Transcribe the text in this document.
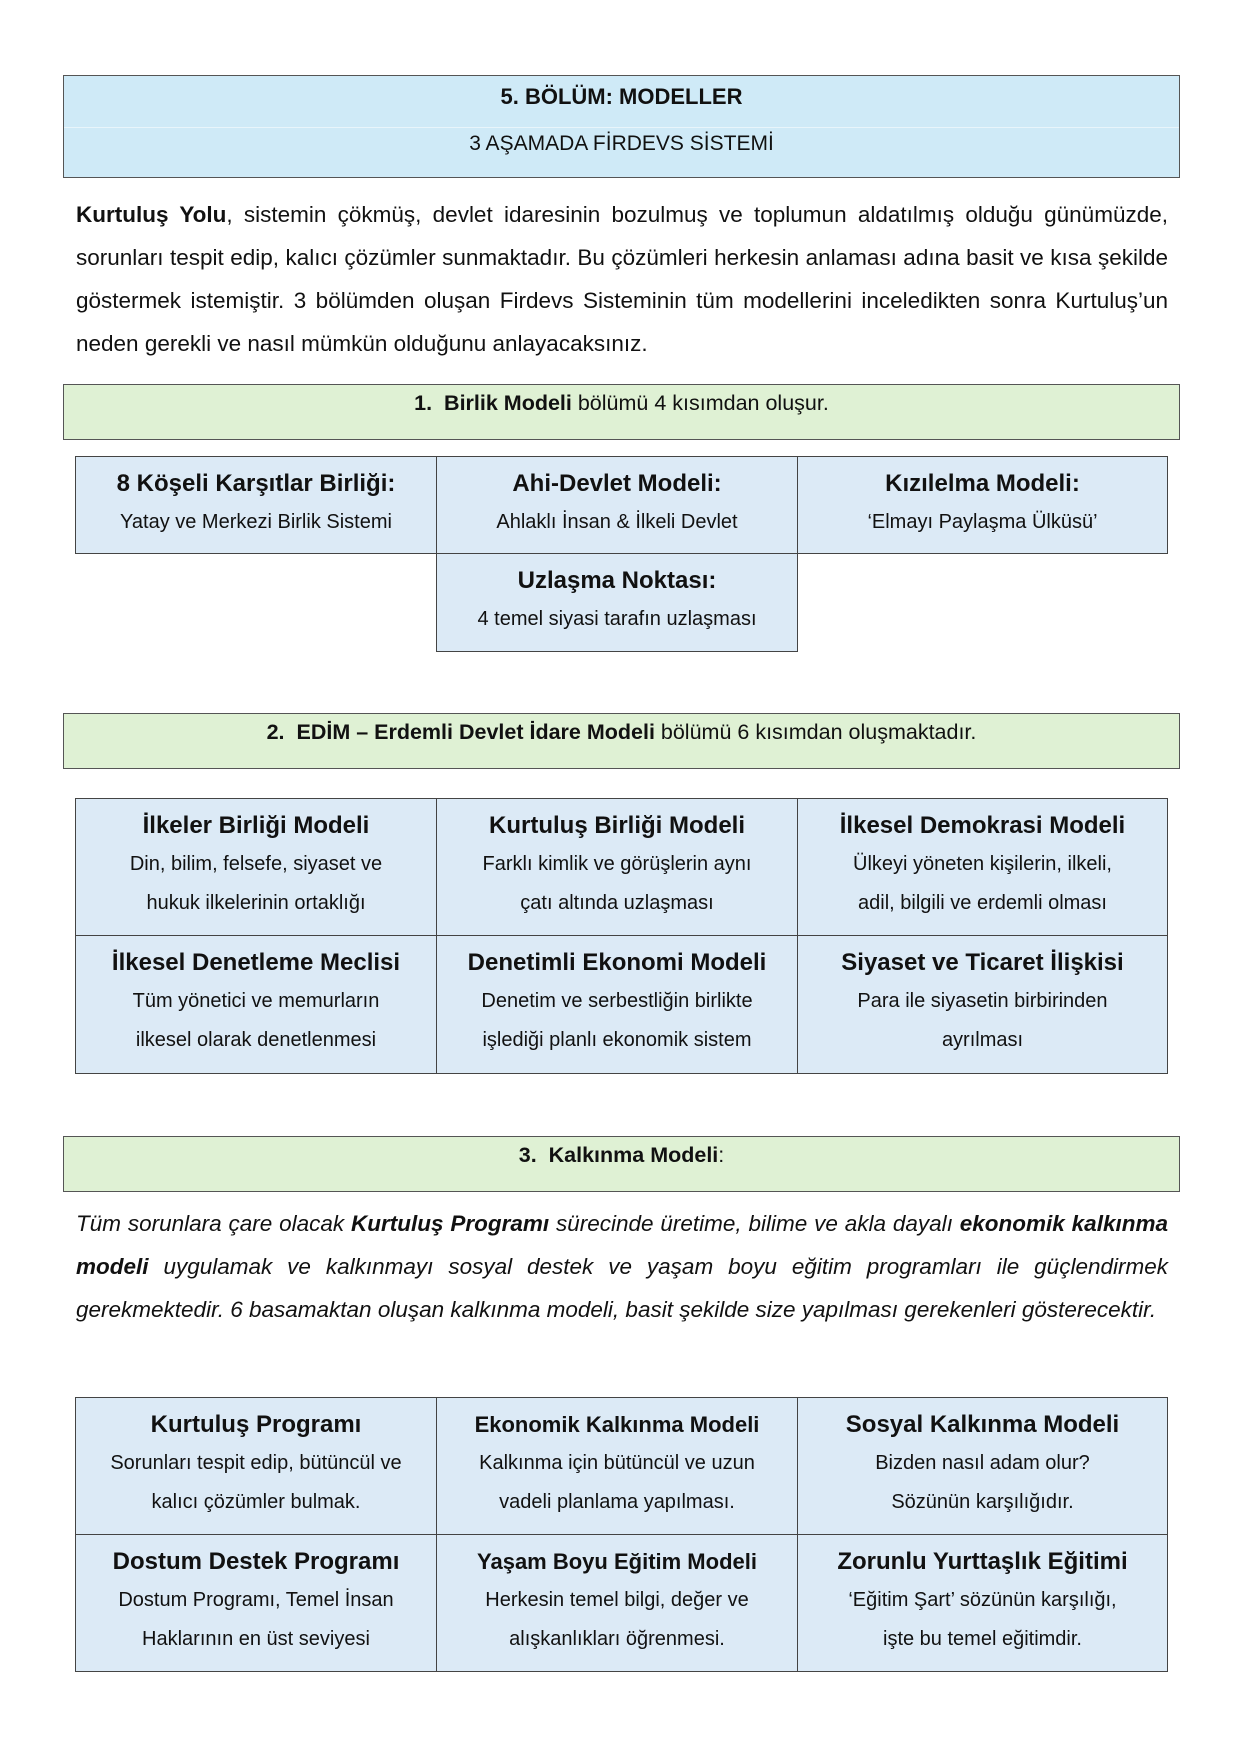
5. BÖLÜM: MODELLER
3 AŞAMADA FİRDEVS SİSTEMİ
Kurtuluş Yolu, sistemin çökmüş, devlet idaresinin bozulmuş ve toplumun aldatılmış olduğu günümüzde, sorunları tespit edip, kalıcı çözümler sunmaktadır. Bu çözümleri herkesin anlaması adına basit ve kısa şekilde göstermek istemiştir. 3 bölümden oluşan Firdevs Sisteminin tüm modellerini inceledikten sonra Kurtuluş’un neden gerekli ve nasıl mümkün olduğunu anlayacaksınız.
1. Birlik Modeli bölümü 4 kısımdan oluşur.
8 Köşeli Karşıtlar Birliği:
Yatay ve Merkezi Birlik Sistemi
Ahi-Devlet Modeli:
Ahlaklı İnsan & İlkeli Devlet
Kızılelma Modeli:
‘Elmayı Paylaşma Ülküsü’
Uzlaşma Noktası:
4 temel siyasi tarafın uzlaşması
2. EDİM – Erdemli Devlet İdare Modeli bölümü 6 kısımdan oluşmaktadır.
İlkeler Birliği Modeli
Din, bilim, felsefe, siyaset ve
hukuk ilkelerinin ortaklığı
Kurtuluş Birliği Modeli
Farklı kimlik ve görüşlerin aynı
çatı altında uzlaşması
İlkesel Demokrasi Modeli
Ülkeyi yöneten kişilerin, ilkeli,
adil, bilgili ve erdemli olması
İlkesel Denetleme Meclisi
Tüm yönetici ve memurların
ilkesel olarak denetlenmesi
Denetimli Ekonomi Modeli
Denetim ve serbestliğin birlikte
işlediği planlı ekonomik sistem
Siyaset ve Ticaret İlişkisi
Para ile siyasetin birbirinden
ayrılması
3. Kalkınma Modeli:
Tüm sorunlara çare olacak Kurtuluş Programı sürecinde üretime, bilime ve akla dayalı ekonomik kalkınma modeli uygulamak ve kalkınmayı sosyal destek ve yaşam boyu eğitim programları ile güçlendirmek gerekmektedir. 6 basamaktan oluşan kalkınma modeli, basit şekilde size yapılması gerekenleri gösterecektir.
Kurtuluş Programı
Sorunları tespit edip, bütüncül ve
kalıcı çözümler bulmak.
Ekonomik Kalkınma Modeli
Kalkınma için bütüncül ve uzun
vadeli planlama yapılması.
Sosyal Kalkınma Modeli
Bizden nasıl adam olur?
Sözünün karşılığıdır.
Dostum Destek Programı
Dostum Programı, Temel İnsan
Haklarının en üst seviyesi
Yaşam Boyu Eğitim Modeli
Herkesin temel bilgi, değer ve
alışkanlıkları öğrenmesi.
Zorunlu Yurttaşlık Eğitimi
‘Eğitim Şart’ sözünün karşılığı,
işte bu temel eğitimdir.
